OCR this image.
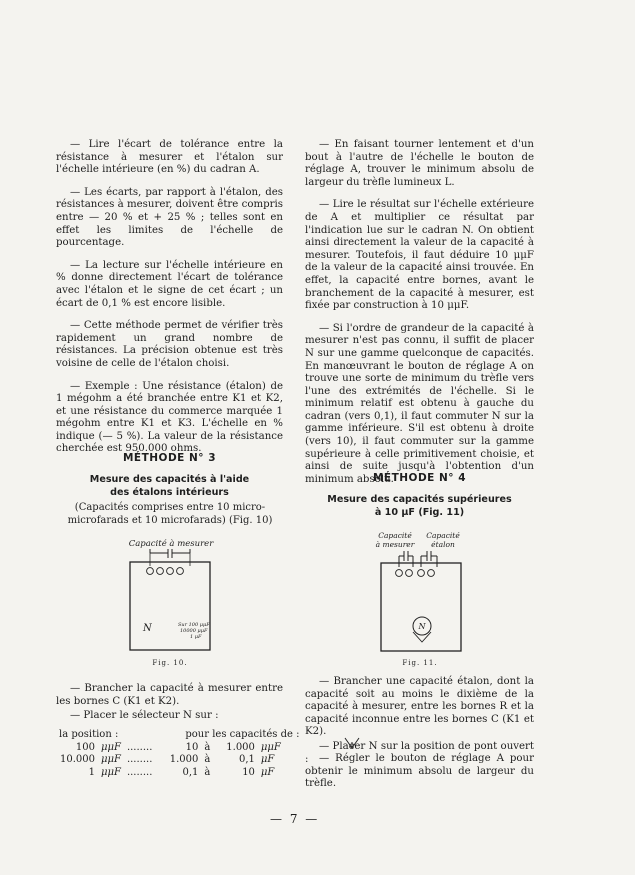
— Lire l'écart de tolérance entre la résistance à mesurer et l'étalon sur l'échelle intérieure (en %) du cadran A.

— Les écarts, par rapport à l'étalon, des résistances à mesurer, doivent être compris entre — 20 % et + 25 % ; telles sont en effet les limites de l'échelle de pourcentage.

— La lecture sur l'échelle intérieure en % donne directement l'écart de tolérance avec l'étalon et le signe de cet écart ; un écart de 0,1 % est encore lisible.

— Cette méthode permet de vérifier très rapidement un grand nombre de résistances. La précision obtenue est très voisine de celle de l'étalon choisi.

— Exemple : Une résistance (étalon) de 1 mégohm a été branchée entre K1 et K2, et une résistance du commerce marquée 1 mégohm entre K1 et K3. L'échelle en % indique (— 5 %). La valeur de la résistance cherchée est 950.000 ohms.

— En faisant tourner lentement et d'un bout à l'autre de l'échelle le bouton de réglage A, trouver le minimum absolu de largeur du trèfle lumineux L.

— Lire le résultat sur l'échelle extérieure de A et multiplier ce résultat par l'indication lue sur le cadran N. On obtient ainsi directement la valeur de la capacité à mesurer. Toutefois, il faut déduire 10 μμF de la valeur de la capacité ainsi trouvée. En effet, la capacité entre bornes, avant le branchement de la capacité à mesurer, est fixée par construction à 10 μμF.

— Si l'ordre de grandeur de la capacité à mesurer n'est pas connu, il suffit de placer N sur une gamme quelconque de capacités. En manœuvrant le bouton de réglage A on trouve une sorte de minimum du trèfle vers l'une des extrémités de l'échelle. Si le minimum relatif est obtenu à gauche du cadran (vers 0,1), il faut commuter N sur la gamme inférieure. S'il est obtenu à droite (vers 10), il faut commuter sur la gamme supérieure à celle primitivement choisie, et ainsi de suite jusqu'à l'obtention d'un minimum absolu.

MÉTHODE N° 3
Mesure des capacités à l'aide
des étalons intérieurs
(Capacités comprises entre 10 micro-
microfarads et 10 microfarads) (Fig. 10)
Capacité à mesurer
N	Sur 100 μμF
10000 μμF
1 μF
Fig. 10.

— Brancher la capacité à mesurer entre les bornes C (K1 et K2).

— Placer le sélecteur N sur :

la position :			pour les capacités de :			
100	μμF	........	10	à	1.000	μμF
10.000	μμF	........	1.000	à	0,1	μF
1	μμF	........	0,1	à	10	μF
MÉTHODE N° 4
Mesure des capacités supérieures
à 10 μF (Fig. 11)
Capacité
à mesurer
Capacité
étalon
N
Fig. 11.

— Brancher une capacité étalon, dont la capacité soit au moins le dixième de la capacité à mesurer, entre les bornes R et la capacité inconnue entre les bornes C (K1 et K2).

— Placer N sur la position de pont ouvert :	— Régler le bouton de réglage A pour obtenir le minimum absolu de largeur du trèfle.

— 7 —
